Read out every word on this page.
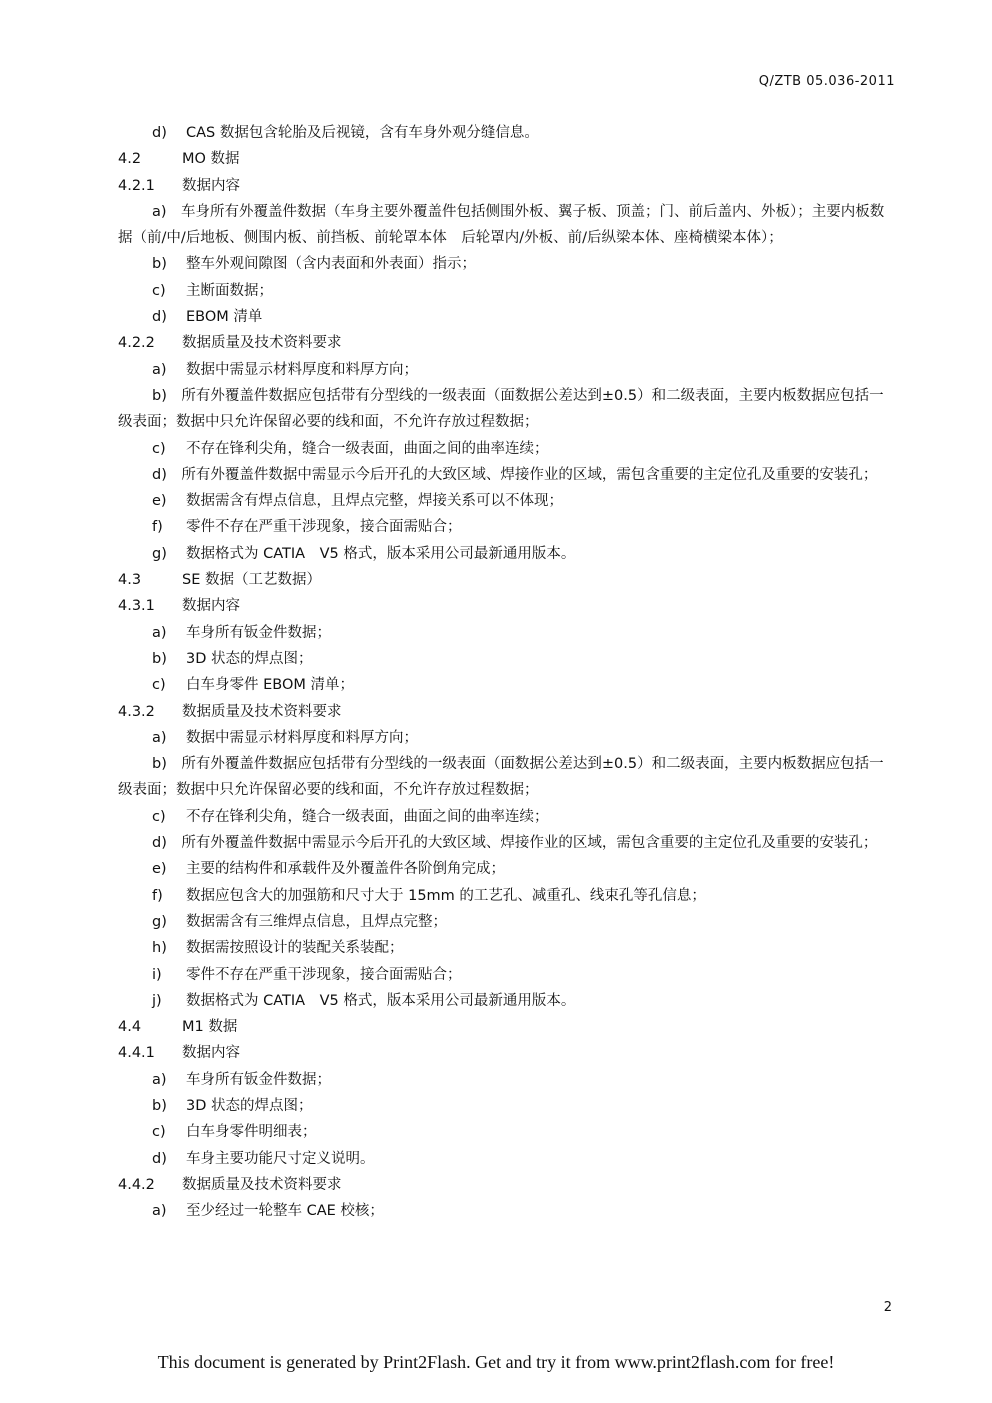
Q/ZTB 05.036-2011
d) CAS 数据包含轮胎及后视镜，含有车身外观分缝信息。
4.2	MO 数据
4.2.1 数据内容
a)　车身所有外覆盖件数据（车身主要外覆盖件包括侧围外板、翼子板、顶盖；门、前后盖内、外板）；主要内板数据（前/中/后地板、侧围内板、前挡板、前轮罩本体　后轮罩内/外板、前/后纵梁本体、座椅横梁本体）；
b) 整车外观间隙图（含内表面和外表面）指示；
c) 主断面数据；
d) EBOM 清单
4.2.2 数据质量及技术资料要求
a) 数据中需显示材料厚度和料厚方向；
b)　所有外覆盖件数据应包括带有分型线的一级表面（面数据公差达到±0.5）和二级表面，主要内板数据应包括一级表面；数据中只允许保留必要的线和面，不允许存放过程数据；
c) 不存在锋利尖角，缝合一级表面，曲面之间的曲率连续；
d)　所有外覆盖件数据中需显示今后开孔的大致区域、焊接作业的区域，需包含重要的主定位孔及重要的安装孔；
e) 数据需含有焊点信息，且焊点完整，焊接关系可以不体现；
f) 零件不存在严重干涉现象，接合面需贴合；
g) 数据格式为 CATIA　V5 格式，版本采用公司最新通用版本。
4.3	SE 数据（工艺数据）
4.3.1 数据内容
a) 车身所有钣金件数据；
b) 3D 状态的焊点图；
c) 白车身零件 EBOM 清单；
4.3.2 数据质量及技术资料要求
a) 数据中需显示材料厚度和料厚方向；
b)　所有外覆盖件数据应包括带有分型线的一级表面（面数据公差达到±0.5）和二级表面，主要内板数据应包括一级表面；数据中只允许保留必要的线和面，不允许存放过程数据；
c) 不存在锋利尖角，缝合一级表面，曲面之间的曲率连续；
d)　所有外覆盖件数据中需显示今后开孔的大致区域、焊接作业的区域，需包含重要的主定位孔及重要的安装孔；
e) 主要的结构件和承载件及外覆盖件各阶倒角完成；
f) 数据应包含大的加强筋和尺寸大于 15mm 的工艺孔、减重孔、线束孔等孔信息；
g) 数据需含有三维焊点信息，且焊点完整；
h) 数据需按照设计的装配关系装配；
i) 零件不存在严重干涉现象，接合面需贴合；
j) 数据格式为 CATIA　V5 格式，版本采用公司最新通用版本。
4.4	M1 数据
4.4.1 数据内容
a) 车身所有钣金件数据；
b) 3D 状态的焊点图；
c) 白车身零件明细表；
d) 车身主要功能尺寸定义说明。
4.4.2 数据质量及技术资料要求
a) 至少经过一轮整车 CAE 校核；
2
This document is generated by Print2Flash. Get and try it from www.print2flash.com for free!
